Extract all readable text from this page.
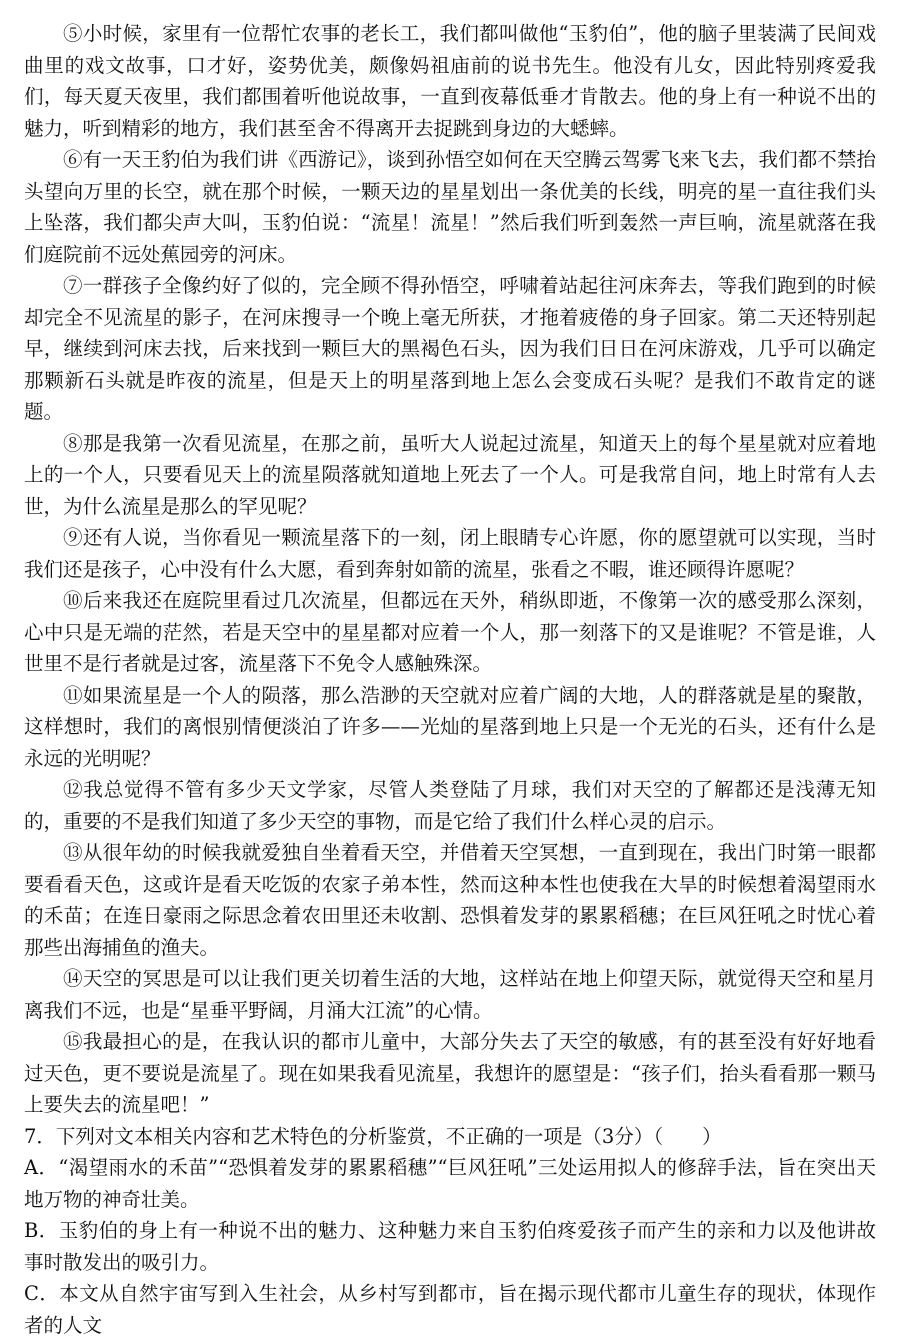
⑤小时候，家里有一位帮忙农事的老长工，我们都叫做他“玉豹伯”，他的脑子里装满了民间戏曲里的戏文故事，口才好，姿势优美，颇像妈祖庙前的说书先生。他没有儿女，因此特别疼爱我们，每天夏天夜里，我们都围着听他说故事，一直到夜幕低垂才肯散去。他的身上有一种说不出的魅力，听到精彩的地方，我们甚至舍不得离开去捉跳到身边的大蟋蟀。

⑥有一天王豹伯为我们讲《西游记》，谈到孙悟空如何在天空腾云驾雾飞来飞去，我们都不禁抬头望向万里的长空，就在那个时候，一颗天边的星星划出一条优美的长线，明亮的星一直往我们头上坠落，我们都尖声大叫，玉豹伯说：“流星！流星！”然后我们听到轰然一声巨响，流星就落在我们庭院前不远处蕉园旁的河床。

⑦一群孩子全像约好了似的，完全顾不得孙悟空，呼啸着站起往河床奔去，等我们跑到的时候却完全不见流星的影子，在河床搜寻一个晚上毫无所获，才拖着疲倦的身子回家。第二天还特别起早，继续到河床去找，后来找到一颗巨大的黑褐色石头，因为我们日日在河床游戏，几乎可以确定那颗新石头就是昨夜的流星，但是天上的明星落到地上怎么会变成石头呢？是我们不敢肯定的谜题。

⑧那是我第一次看见流星，在那之前，虽听大人说起过流星，知道天上的每个星星就对应着地上的一个人，只要看见天上的流星陨落就知道地上死去了一个人。可是我常自问，地上时常有人去世，为什么流星是那么的罕见呢？

⑨还有人说，当你看见一颗流星落下的一刻，闭上眼睛专心许愿，你的愿望就可以实现，当时我们还是孩子，心中没有什么大愿，看到奔射如箭的流星，张看之不暇，谁还顾得许愿呢？

⑩后来我还在庭院里看过几次流星，但都远在天外，稍纵即逝，不像第一次的感受那么深刻，心中只是无端的茫然，若是天空中的星星都对应着一个人，那一刻落下的又是谁呢？不管是谁，人世里不是行者就是过客，流星落下不免令人感触殊深。

⑪如果流星是一个人的陨落，那么浩渺的天空就对应着广阔的大地，人的群落就是星的聚散，这样想时，我们的离恨别情便淡泊了许多——光灿的星落到地上只是一个无光的石头，还有什么是永远的光明呢？

⑫我总觉得不管有多少天文学家，尽管人类登陆了月球，我们对天空的了解都还是浅薄无知的，重要的不是我们知道了多少天空的事物，而是它给了我们什么样心灵的启示。

⑬从很年幼的时候我就爱独自坐着看天空，并借着天空冥想，一直到现在，我出门时第一眼都要看看天色，这或许是看天吃饭的农家子弟本性，然而这种本性也使我在大旱的时候想着渴望雨水的禾苗；在连日豪雨之际思念着农田里还未收割、恐惧着发芽的累累稻穗；在巨风狂吼之时忧心着那些出海捕鱼的渔夫。

⑭天空的冥思是可以让我们更关切着生活的大地，这样站在地上仰望天际，就觉得天空和星月离我们不远，也是“星垂平野阔，月涌大江流”的心情。

⑮我最担心的是，在我认识的都市儿童中，大部分失去了天空的敏感，有的甚至没有好好地看过天色，更不要说是流星了。现在如果我看见流星，我想许的愿望是：“孩子们，抬头看看那一颗马上要失去的流星吧！”

7．下列对文本相关内容和艺术特色的分析鉴赏，不正确的一项是（3分）（　　）

A．“渴望雨水的禾苗”“恐惧着发芽的累累稻穗”“巨风狂吼”三处运用拟人的修辞手法，旨在突出天地万物的神奇壮美。

B．玉豹伯的身上有一种说不出的魅力、这种魅力来自玉豹伯疼爱孩子而产生的亲和力以及他讲故事时散发出的吸引力。

C．本文从自然宇宙写到入生社会，从乡村写到都市，旨在揭示现代都市儿童生存的现状，体现作者的人文
